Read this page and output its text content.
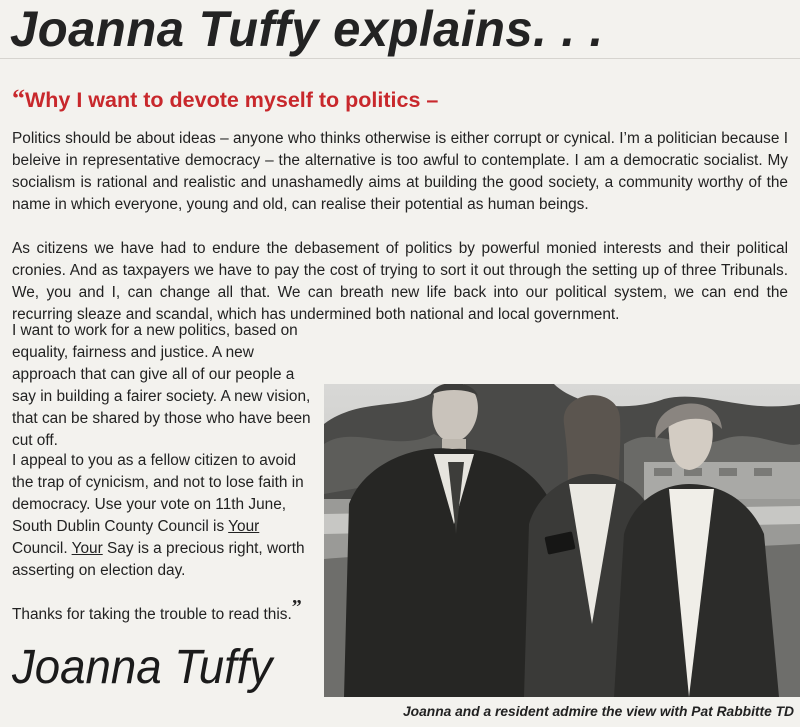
Joanna Tuffy explains. . .
“Why I want to devote myself to politics –
Politics should be about ideas – anyone who thinks otherwise is either corrupt or cynical. I’m a politician because I beleive in representative democracy – the alternative is too awful to contemplate. I am a democratic socialist. My socialism is rational and realistic and unashamedly aims at building the good society, a community worthy of the name in which everyone, young and old, can realise their potential as human beings.
As citizens we have had to endure the debasement of politics by powerful monied interests and their political cronies. And as taxpayers we have to pay the cost of trying to sort it out through the setting up of three Tribunals. We, you and I, can change all that. We can breath new life back into our political system, we can end the recurring sleaze and scandal, which has undermined both national and local government.
I want to work for a new politics, based on equality, fairness and justice. A new approach that can give all of our people a say in building a fairer society. A new vision, that can be shared by those who have been cut off.
I appeal to you as a fellow citizen to avoid the trap of cynicism, and not to lose faith in democracy. Use your vote on 11th June, South Dublin County Council is Your Council. Your Say is a precious right, worth asserting on election day.
Thanks for taking the trouble to read this.”
Joanna Tuffy
Joanna and a resident admire the view with Pat Rabbitte TD
